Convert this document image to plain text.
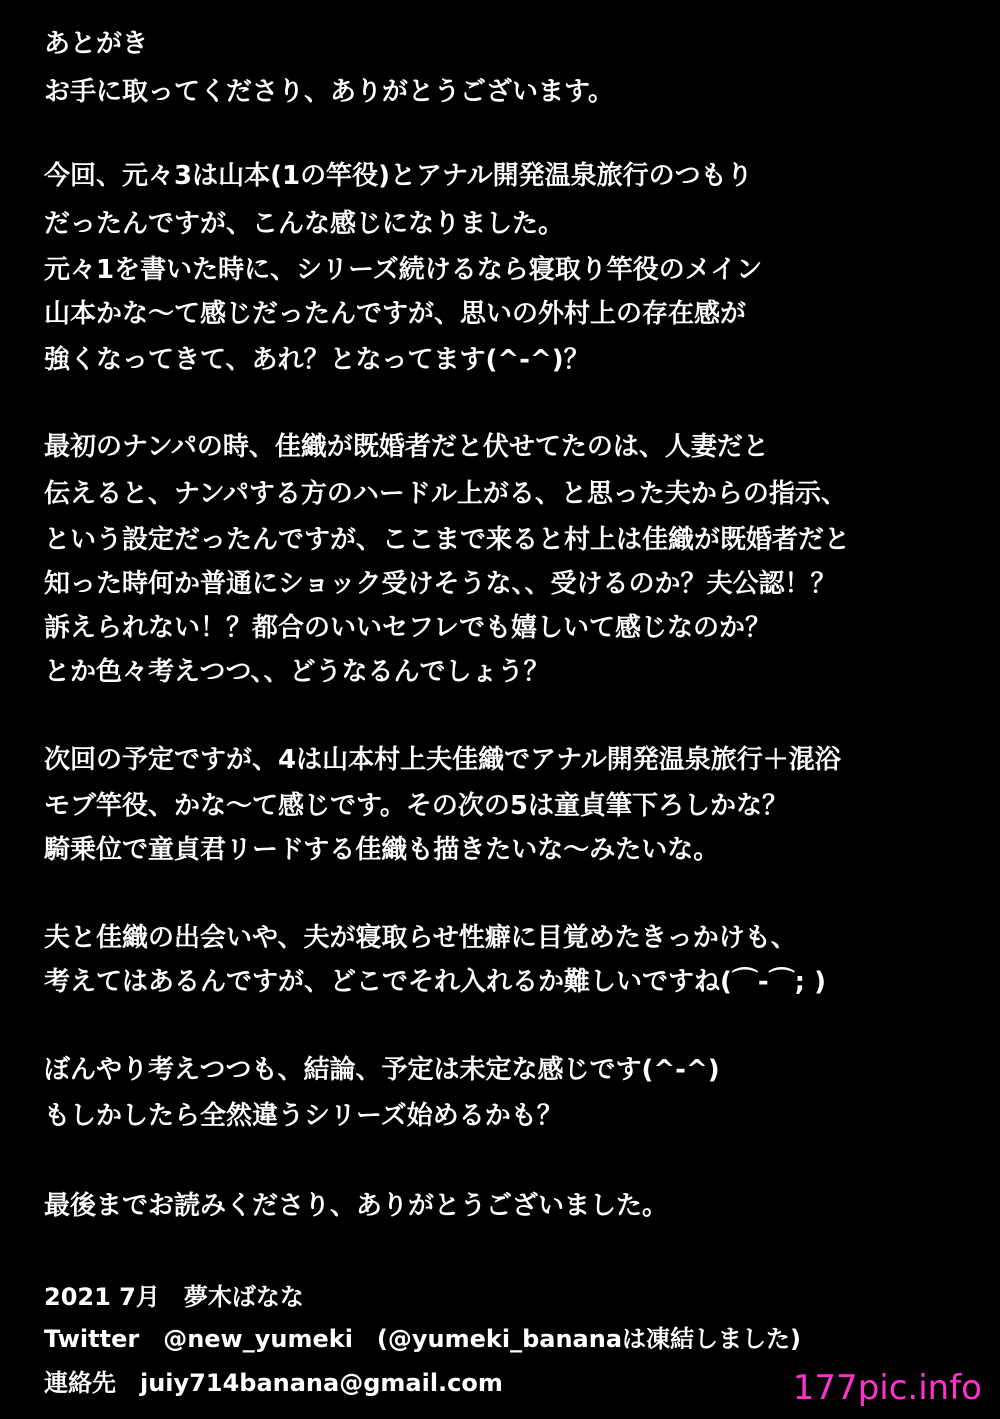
あとがき
お手に取ってくださり、ありがとうございます。
今回、元々3は山本(1の竿役)とアナル開発温泉旅行のつもり
だったんですが、こんな感じになりました。
元々1を書いた時に、シリーズ続けるなら寝取り竿役のメイン
山本かな〜て感じだったんですが、思いの外村上の存在感が
強くなってきて、あれ？となってます(^-^)？
最初のナンパの時、佳織が既婚者だと伏せてたのは、人妻だと
伝えると、ナンパする方のハードル上がる、と思った夫からの指示、
という設定だったんですが、ここまで来ると村上は佳織が既婚者だと
知った時何か普通にショック受けそうな、、受けるのか？夫公認！？
訴えられない！？都合のいいセフレでも嬉しいて感じなのか？
とか色々考えつつ、、どうなるんでしょう？
次回の予定ですが、4は山本村上夫佳織でアナル開発温泉旅行＋混浴
モブ竿役、かな〜て感じです。その次の5は童貞筆下ろしかな？
騎乗位で童貞君リードする佳織も描きたいな〜みたいな。
夫と佳織の出会いや、夫が寝取らせ性癖に目覚めたきっかけも、
考えてはあるんですが、どこでそれ入れるか難しいですね(⌒-⌒; )
ぼんやり考えつつも、結論、予定は未定な感じです(^-^)
もしかしたら全然違うシリーズ始めるかも？
最後までお読みくださり、ありがとうございました。
2021 7月　夢木ばなな
Twitter　@new_yumeki　(@yumeki_bananaは凍結しました)
連絡先　juiy714banana@gmail.com	177pic.info
